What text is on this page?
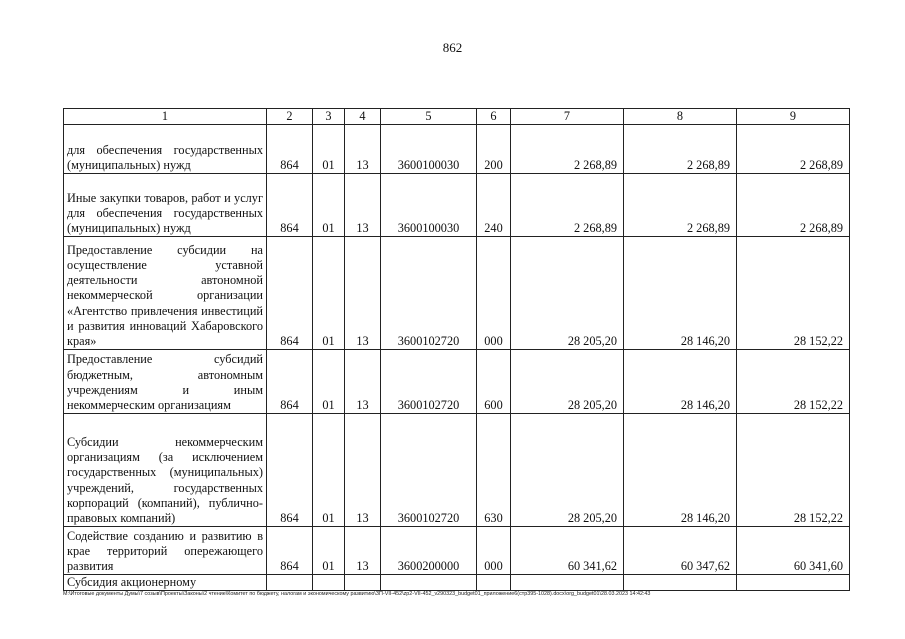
862
1	2	3	4	5	6	7	8	9
для обеспечения государственных (муниципальных) нужд	864	01	13	3600100030	200	2 268,89	2 268,89	2 268,89
Иные закупки товаров, работ и услуг для обеспечения государственных (муниципальных) нужд	864	01	13	3600100030	240	2 268,89	2 268,89	2 268,89
Предоставление субсидии на осуществление уставной деятельности автономной некоммерческой организации «Агентство привлечения инвестиций и развития инноваций Хабаровского края»	864	01	13	3600102720	000	28 205,20	28 146,20	28 152,22
Предоставление субсидий бюджетным, автономным учреждениям и иным некоммерческим организациям	864	01	13	3600102720	600	28 205,20	28 146,20	28 152,22
Субсидии некоммерческим организациям (за исключением государственных (муниципальных) учреждений, государственных корпораций (компаний), публично-правовых компаний)	864	01	13	3600102720	630	28 205,20	28 146,20	28 152,22
Содействие созданию и развитию в крае территорий опережающего развития	864	01	13	3600200000	000	60 341,62	60 347,62	60 341,60
Субсидия акционерному								
М:\Итоговые документы Думы\7 созыв\Проекты\Законы\2 чтение\Комитет по бюджету, налогам и экономическому развитию\ЗП-VII-452\zp2-VII-452_v290323_budget01_приложение6(стр395-1028).docx\org_budget01\28.03.2023 14:42:43
